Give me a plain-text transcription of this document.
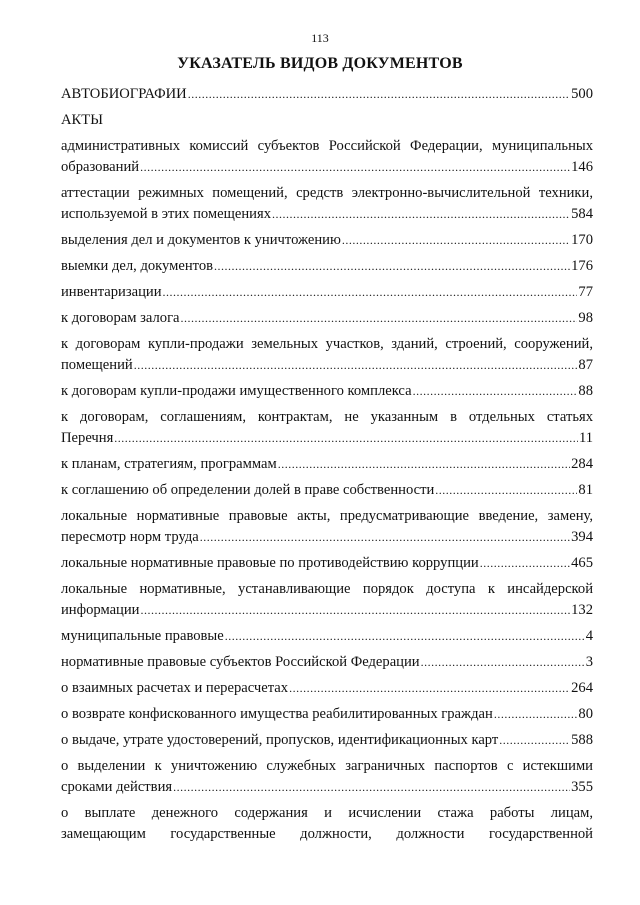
113
УКАЗАТЕЛЬ ВИДОВ ДОКУМЕНТОВ
АВТОБИОГРАФИИ .....	500
АКТЫ
административных комиссий субъектов Российской Федерации, муниципальных
образований .....	146
аттестации режимных помещений, средств электронно-вычислительной техники,
используемой в этих помещениях .....	584
выделения дел и документов к уничтожению .....	170
выемки дел, документов .....	176
инвентаризации .....	77
к договорам залога .....	98
к договорам купли-продажи земельных участков, зданий, строений, сооружений,
помещений .....	87
к договорам купли-продажи имущественного комплекса .....	88
к договорам, соглашениям, контрактам, не указанным в отдельных статьях
Перечня .....	11
к планам, стратегиям, программам .....	284
к соглашению об определении долей в праве собственности .....	81
локальные нормативные правовые акты, предусматривающие введение, замену,
пересмотр норм труда .....	394
локальные нормативные правовые по противодействию коррупции .....	465
локальные нормативные, устанавливающие порядок доступа к инсайдерской
информации .....	132
муниципальные правовые .....	4
нормативные правовые субъектов Российской Федерации .....	3
о взаимных расчетах и перерасчетах .....	264
о возврате конфискованного имущества реабилитированных граждан .....	80
о выдаче, утрате удостоверений, пропусков, идентификационных карт .....	588
о выделении к уничтожению служебных заграничных паспортов с истекшими
сроками действия .....	355
о выплате денежного содержания и исчислении стажа работы лицам,
замещающим государственные должности, должности государственной
